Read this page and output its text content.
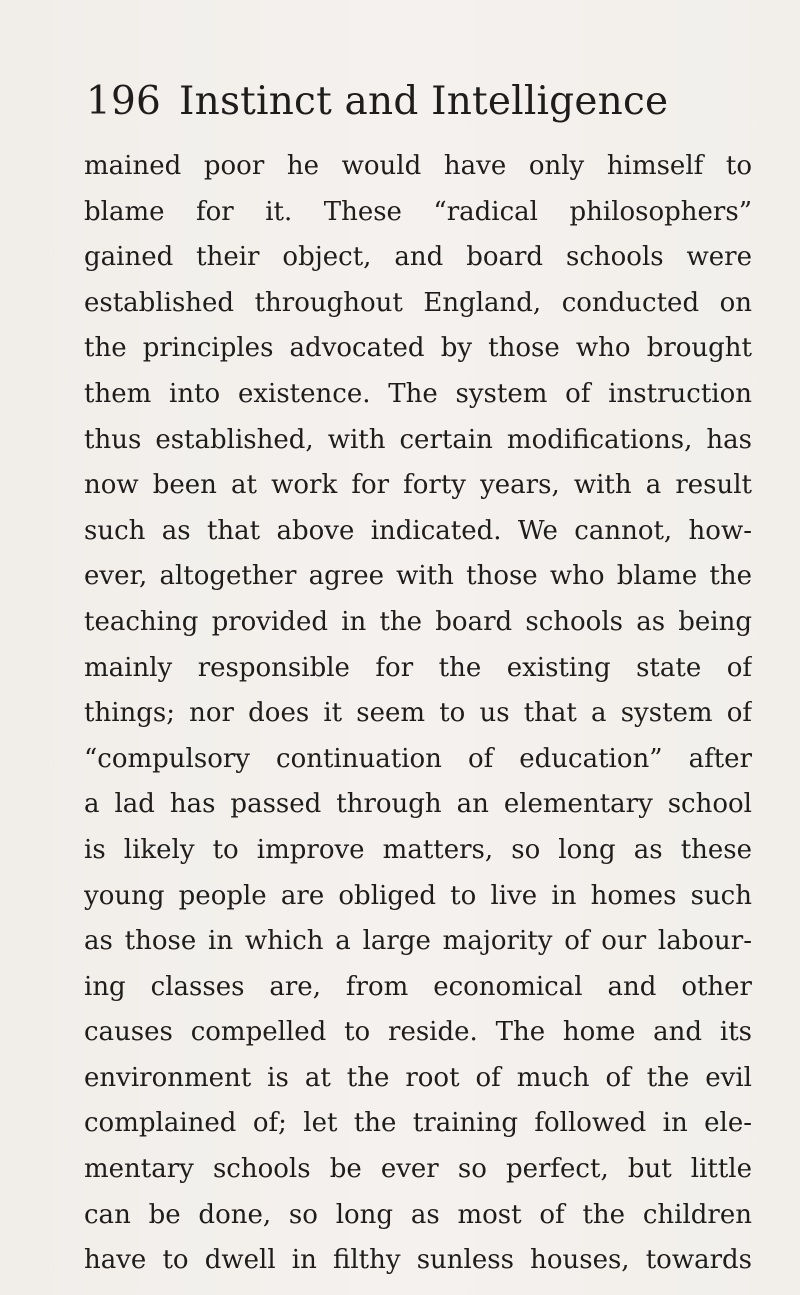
196 Instinct and Intelligence
mained poor he would have only himself to
blame for it. These “radical philosophers”
gained their object, and board schools were
established throughout England, conducted on
the principles advocated by those who brought
them into existence. The system of instruction
thus established, with certain modifications, has
now been at work for forty years, with a result
such as that above indicated. We cannot, how-
ever, altogether agree with those who blame the
teaching provided in the board schools as being
mainly responsible for the existing state of
things; nor does it seem to us that a system of
“compulsory continuation of education” after
a lad has passed through an elementary school
is likely to improve matters, so long as these
young people are obliged to live in homes such
as those in which a large majority of our labour-
ing classes are, from economical and other
causes compelled to reside. The home and its
environment is at the root of much of the evil
complained of; let the training followed in ele-
mentary schools be ever so perfect, but little
can be done, so long as most of the children
have to dwell in filthy sunless houses, towards
